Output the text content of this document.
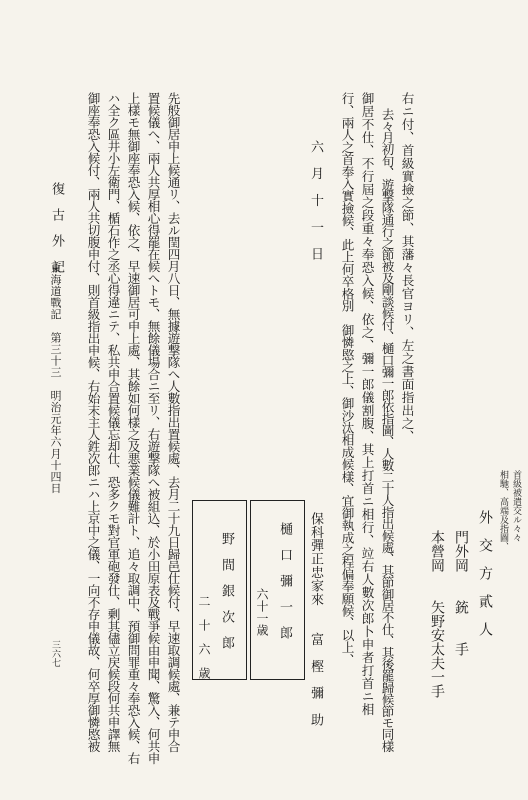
首級被遣交ル々々
相馳、高端及指圖、
外　交　方　貳　人
門外岡　　銃　　手
本營岡　　矢野安太夫一手
右ニ付、首級實撿之節、其藩々長官ヨリ、左之書面指出之、
去々月初旬、遊撃隊通行之節被及剛談候付、樋口彌一郎依指圖、人數二十人指出候處、其節御居不仕、其後罷歸候節モ同樣
御居不仕、不行屆之段重々奉恐入候、依之、彌一郎儀割腹、其上打首ニ相行、竝右人數次郎卜申者打首ニ相
行、兩人之首奉入實撿候、此上何卒格別　御憐愍之上、御沙汰相成候樣、宜御執成之程偏奉願候、以上、
六　月　十　一　日
保科彈正忠家來　　富　樫　彌　助
樋　口　彌　一　郎
六十一歳
野　間　銀　次　郎
二　十　六　歳
先般御居申上候通リ、去ル閏四月八日、無據遊撃隊へ人數指出置候處、去月二十九日歸邑仕候付、早速取調候處、兼テ申合
置候儀へ、兩人共厚相心得罷在候へトモ、無餘儀場合ニ至リ、右遊撃隊へ被組込、於小田原表及戰爭候由申聞、驚入、何共申
上樣モ無御座奉恐入候、依之、早速御居可申上處、其餘如何樣之及悪業候儀難計ト、追々取調中、預御問罪重々奉恐入候、右
ハ全ク區井小左衛門、楯石作之丞心得違ニテ、私共申合置候儀忘却仕、恐多クモ對官軍砲發仕、剰其儘立戻候段何共申譯無
御座奉恐入候付、兩人共切腹申付、則首級指出申候、右始末主人鉎次郎ニハ上京中之儀、一向不存申儀故、何卒厚御憐愍被
復　古　外　記
東海道戰記　第三十三　明治元年六月十四日
三六七
